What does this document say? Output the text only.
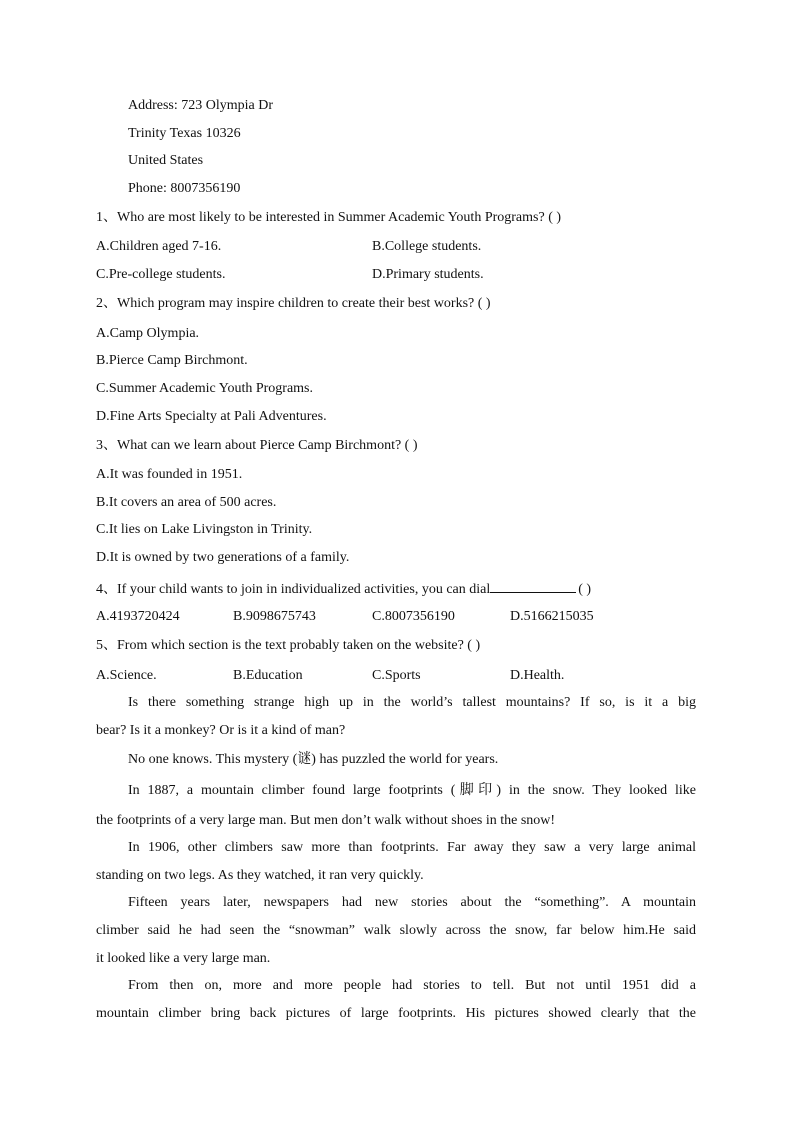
Address: 723 Olympia Dr
Trinity Texas 10326
United States
Phone: 8007356190
1、Who are most likely to be interested in Summer Academic Youth Programs? ( )
A.Children aged 7-16.	B.College students.
C.Pre-college students.	D.Primary students.
2、Which program may inspire children to create their best works? ( )
A.Camp Olympia.
B.Pierce Camp Birchmont.
C.Summer Academic Youth Programs.
D.Fine Arts Specialty at Pali Adventures.
3、What can we learn about Pierce Camp Birchmont? ( )
A.It was founded in 1951.
B.It covers an area of 500 acres.
C.It lies on Lake Livingston in Trinity.
D.It is owned by two generations of a family.
4、If your child wants to join in individualized activities, you can dial	( )
A.4193720424	B.9098675743	C.8007356190	D.5166215035
5、From which section is the text probably taken on the website? ( )
A.Science.	B.Education	C.Sports	D.Health.
Is there something strange high up in the world’s tallest mountains? If so, is it a big
bear? Is it a monkey? Or is it a kind of man?
No one knows. This mystery (谜) has puzzled the world for years.
In 1887, a mountain climber found large footprints (脚印) in the snow. They looked like
the footprints of a very large man. But men don’t walk without shoes in the snow!
In 1906, other climbers saw more than footprints. Far away they saw a very large animal
standing on two legs. As they watched, it ran very quickly.
Fifteen years later, newspapers had new stories about the “something”. A mountain
climber said he had seen the “snowman” walk slowly across the snow, far below him.He said
it looked like a very large man.
From then on, more and more people had stories to tell. But not until 1951 did a
mountain climber bring back pictures of large footprints. His pictures showed clearly that the
